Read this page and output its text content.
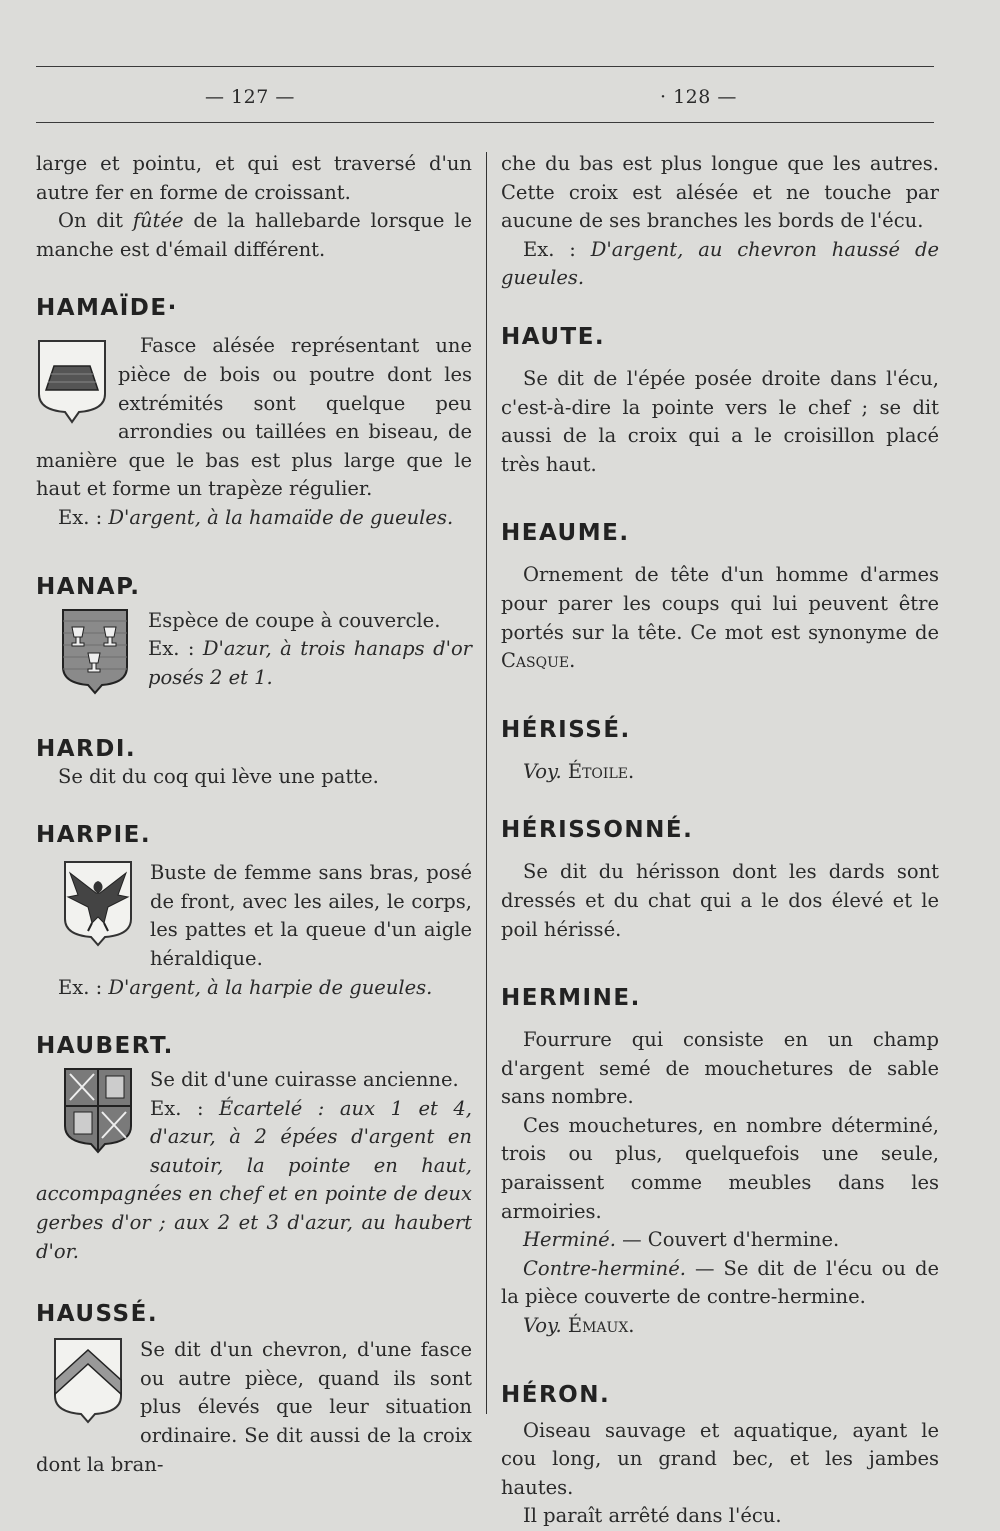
— 127 —	· 128 —

large et pointu, et qui est traversé d'un autre fer en forme de croissant.

On dit fûtée de la hallebarde lorsque le manche est d'émail différent.

HAMAÏDE·

Fasce alésée représentant une pièce de bois ou poutre dont les extrémités sont quelque peu arrondies ou taillées en biseau, de manière que le bas est plus large que le haut et forme un trapèze régulier.

Ex. : D'argent, à la hamaïde de gueules.

HANAP.

Espèce de coupe à couvercle.

Ex. : D'azur, à trois hanaps d'or posés 2 et 1.

HARDI.

Se dit du coq qui lève une patte.

HARPIE.

Buste de femme sans bras, posé de front, avec les ailes, le corps, les pattes et la queue d'un aigle héraldique.

Ex. : D'argent, à la harpie de gueules.

HAUBERT.

Se dit d'une cuirasse ancienne.

Ex. : Écartelé : aux 1 et 4, d'azur, à 2 épées d'argent en sautoir, la pointe en haut, accompagnées en chef et en pointe de deux gerbes d'or ; aux 2 et 3 d'azur, au haubert d'or.

HAUSSÉ.

Se dit d'un chevron, d'une fasce ou autre pièce, quand ils sont plus élevés que leur situation ordinaire. Se dit aussi de la croix dont la bran-

che du bas est plus longue que les autres. Cette croix est alésée et ne touche par aucune de ses branches les bords de l'écu.

Ex. : D'argent, au chevron haussé de gueules.

HAUTE.

Se dit de l'épée posée droite dans l'écu, c'est-à-dire la pointe vers le chef ; se dit aussi de la croix qui a le croisillon placé très haut.

HEAUME.

Ornement de tête d'un homme d'armes pour parer les coups qui lui peuvent être portés sur la tête. Ce mot est synonyme de Casque.

HÉRISSÉ.

Voy. Étoile.

HÉRISSONNÉ.

Se dit du hérisson dont les dards sont dressés et du chat qui a le dos élevé et le poil hérissé.

HERMINE.

Fourrure qui consiste en un champ d'argent semé de mouchetures de sable sans nombre.

Ces mouchetures, en nombre déterminé, trois ou plus, quelquefois une seule, paraissent comme meubles dans les armoiries.

Herminé. — Couvert d'hermine.

Contre-herminé. — Se dit de l'écu ou de la pièce couverte de contre-hermine.

Voy. Émaux.

HÉRON.

Oiseau sauvage et aquatique, ayant le cou long, un grand bec, et les jambes hautes.

Il paraît arrêté dans l'écu.
